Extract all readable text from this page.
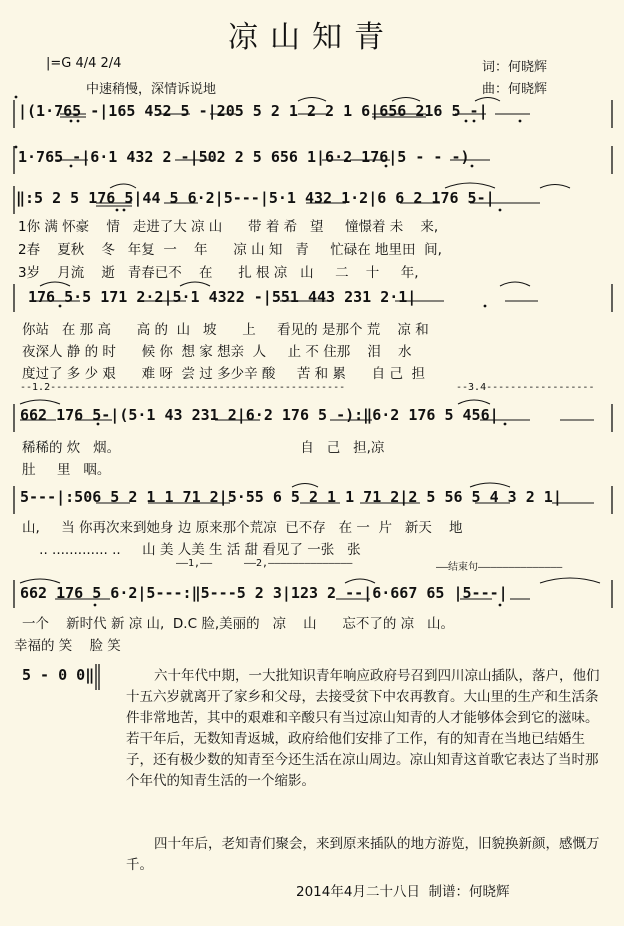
凉山知青
|=G 4/4 2/4
中速稍慢，深情诉说地
词：何晓辉
曲：何晓辉
|(1·765 -|165 452 5 -|205 5 2 1 2 2 1 6|656 216 5 -|
1·765 -|6·1 432 2 -|502 2 5 656 1|6·2 176|5 - - -)
‖:5 2 5 176 5|44 5 6·2|5---|5·1 432 1·2|6 6 2 176 5-|
1你 满 怀豪    情   走进了大 凉 山      带 着 希   望     憧憬着 未    来,
2春    夏秋    冬   年复  一    年      凉 山 知   青     忙碌在 地里田  间,
3岁    月流    逝   青春已不    在      扎 根 凉   山     二    十     年,
176 5·5 171 2·2|5·1 4322 -|551 443 231 2·1|
你站   在 那 高      高 的  山   坡      上     看见的 是那个 荒    凉 和
夜深人 静 的 时      候 你  想 家 想亲  人     止 不 住那    泪    水
度过了 多 少 艰      难 呀  尝 过 多少辛 酸     苦 和 累      自 己  担
--1.2-------------------------------------------------	--3.4------------------
662 176 5-|(5·1 43 231 2|6·2 176 5 -):‖6·2 176 5 456|
稀稀的 炊   烟。                                          自   己   担,凉
肚     里   咽。
5---|:506 5 2 1 1 71 2|5·55 6 5 2 1 1 71 2|2 5 56 5 4 3 2 1|
山,     当 你再次来到她身 边 原来那个荒凉  已不存   在 一  片   新天    地
.. ............. ..     山 美 人美 生 活 甜 看见了 一张   张
——1,——	——2,——————————————	——结束句——————————————
662 176 5 6·2|5---:‖5---5 2 3|123 2 --|6·667 65 |5---|
一个    新时代 新 凉 山,  D.C 脸,美丽的   凉    山      忘不了的 凉   山。
幸福的 笑    脸 笑
5 - 0 0‖	六十年代中期，一大批知识青年响应政府号召到四川凉山插队，落户，他们十五六岁就离开了家乡和父母，去接受贫下中农再教育。大山里的生产和生活条件非常地苦，其中的艰难和辛酸只有当过凉山知青的人才能够体会到它的滋味。若干年后，无数知青返城，政府给他们安排了工作，有的知青在当地已结婚生子，还有极少数的知青至今还生活在凉山周边。凉山知青这首歌它表达了当时那个年代的知青生活的一个缩影。
四十年后，老知青们聚会，来到原来插队的地方游览，旧貌换新颜，感慨万千。
2014年4月二十八日  制谱：何晓辉
